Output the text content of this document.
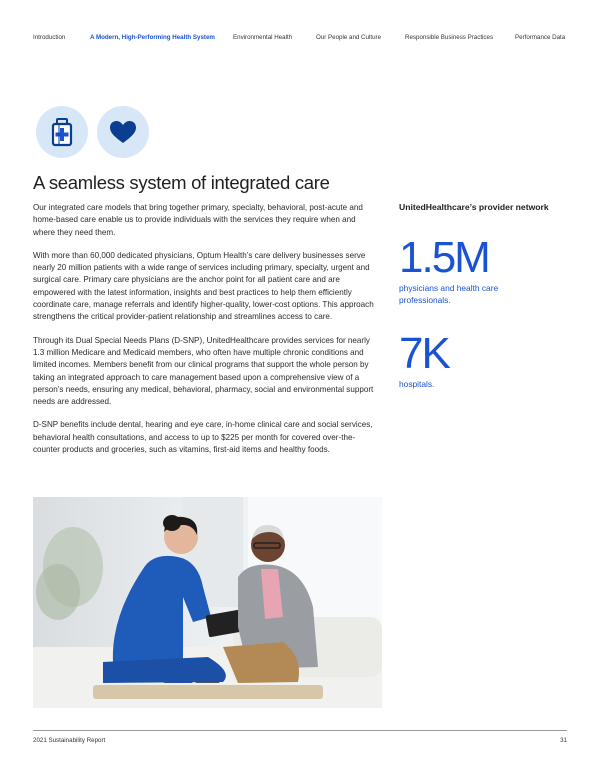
Introduction	A Modern, High-Performing Health System	Environmental Health	Our People and Culture	Responsible Business Practices	Performance Data
A seamless system of integrated care

Our integrated care models that bring together primary, specialty, behavioral, post-acute and home-based care enable us to provide individuals with the services they require when and where they need them.

With more than 60,000 dedicated physicians, Optum Health’s care delivery businesses serve nearly 20 million patients with a wide range of services including primary, specialty, urgent and surgical care. Primary care physicians are the anchor point for all patient care and are empowered with the latest information, insights and best practices to help them efficiently coordinate care, manage referrals and identify higher-quality, lower-cost options. This approach strengthens the critical provider-patient relationship and streamlines access to care.

Through its Dual Special Needs Plans (D-SNP), UnitedHealthcare provides services for nearly 1.3 million Medicare and Medicaid members, who often have multiple chronic conditions and limited incomes. Members benefit from our clinical programs that support the whole person by taking an integrated approach to care management based upon a comprehensive view of a person’s needs, ensuring any medical, behavioral, pharmacy, social and environmental support needs are addressed.

D-SNP benefits include dental, hearing and eye care, in-home clinical care and social services, behavioral health consultations, and access to up to $225 per month for covered over-the-counter products and groceries, such as vitamins, first-aid items and healthy foods.

UnitedHealthcare’s provider network
1.5M
physicians and health care professionals.
7K
hospitals.
2021 Sustainability Report	31
